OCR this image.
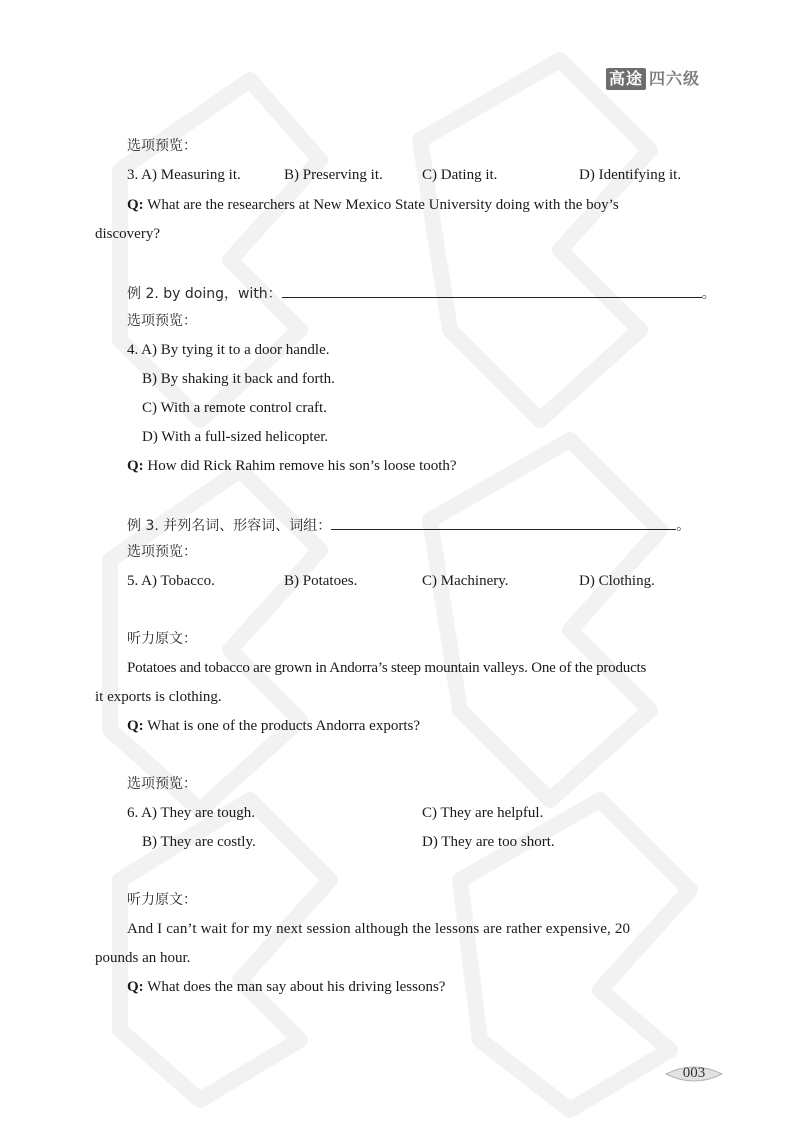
高途 四六级
选项预览：
3. A) Measuring it.	B) Preserving it.	C) Dating it.	D) Identifying it.
Q: What are the researchers at New Mexico State University doing with the boy’s
discovery?
例 2. by doing，with：	。
选项预览：
4. A) By tying it to a door handle.
B) By shaking it back and forth.
C) With a remote control craft.
D) With a full-sized helicopter.
Q: How did Rick Rahim remove his son’s loose tooth?
例 3. 并列名词、形容词、词组：	。
选项预览：
5. A) Tobacco.	B) Potatoes.	C) Machinery.	D) Clothing.
听力原文：
Potatoes and tobacco are grown in Andorra’s steep mountain valleys. One of the products
it exports is clothing.
Q: What is one of the products Andorra exports?
选项预览：
6. A) They are tough.	C) They are helpful.
B) They are costly.	D) They are too short.
听力原文：
And I can’t wait for my next session although the lessons are rather expensive, 20
pounds an hour.
Q: What does the man say about his driving lessons?
003
